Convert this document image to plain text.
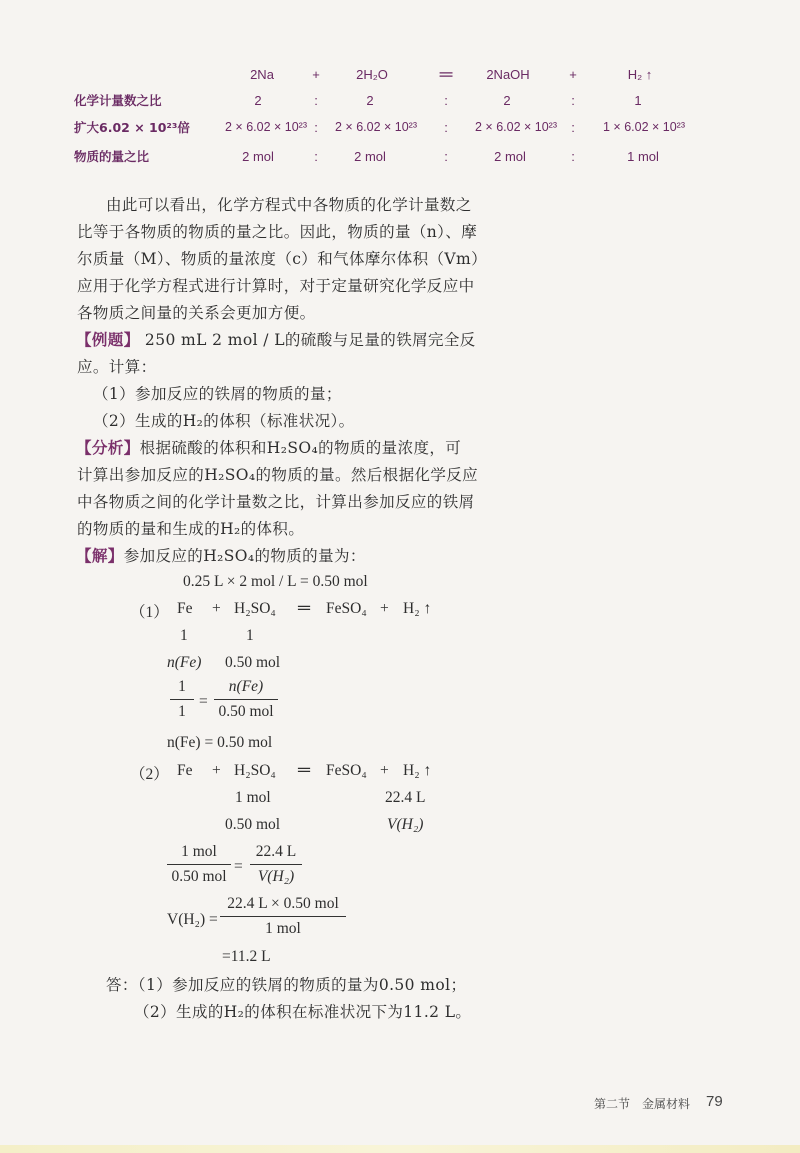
2Na	+	2H₂O	═	2NaOH	+	H₂ ↑
化学计量数之比	2	:	2	:	2	:	1
扩大6.02 × 10²³倍	2 × 6.02 × 10²³ : 2 × 6.02 × 10²³ : 2 × 6.02 × 10²³ : 1 × 6.02 × 10²³
物质的量之比	2 mol	:	2 mol	:	2 mol	:	1 mol
由此可以看出，化学方程式中各物质的化学计量数之
比等于各物质的物质的量之比。因此，物质的量（n）、摩
尔质量（M）、物质的量浓度（c）和气体摩尔体积（Vm）
应用于化学方程式进行计算时，对于定量研究化学反应中
各物质之间量的关系会更加方便。
【例题】 250 mL 2 mol / L的硫酸与足量的铁屑完全反
应。计算：
（1）参加反应的铁屑的物质的量；
（2）生成的H₂的体积（标准状况）。
【分析】根据硫酸的体积和H₂SO₄的物质的量浓度，可
计算出参加反应的H₂SO₄的物质的量。然后根据化学反应
中各物质之间的化学计量数之比，计算出参加反应的铁屑
的物质的量和生成的H₂的体积。
【解】参加反应的H₂SO₄的物质的量为：
0.25 L × 2 mol / L = 0.50 mol
（1） Fe + H₂SO₄ ═ FeSO₄ + H₂ ↑
1	1
n(Fe) 0.50 mol
1
1
=
n(Fe)
0.50 mol
n(Fe) = 0.50 mol
（2） Fe + H₂SO₄ ═ FeSO₄ + H₂ ↑
1 mol	22.4 L
0.50 mol	V(H₂)
1 mol
0.50 mol
=
22.4 L
V(H₂)
V(H₂) =
22.4 L × 0.50 mol
1 mol
=11.2 L
答：（1）参加反应的铁屑的物质的量为0.50 mol；
（2）生成的H₂的体积在标准状况下为11.2 L。
第二节　金属材料 79
